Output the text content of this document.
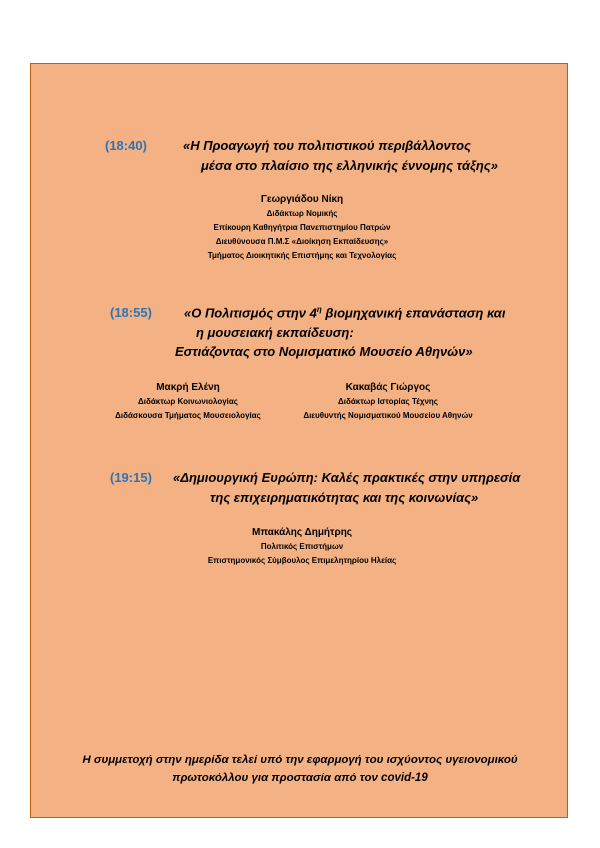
(18:40)	«Η Προαγωγή του πολιτιστικού περιβάλλοντος
μέσα στο πλαίσιο της ελληνικής έννομης τάξης»
Γεωργιάδου Νίκη
Διδάκτωρ Νομικής
Επίκουρη Καθηγήτρια Πανεπιστημίου Πατρών
Διευθύνουσα Π.Μ.Σ «Διοίκηση Εκπαίδευσης»
Τμήματος Διοικητικής Επιστήμης και Τεχνολογίας
(18:55) «Ο Πολιτισμός στην $4^\eta$ βιομηχανική επανάσταση και
η μουσειακή εκπαίδευση:
Εστιάζοντας στο Νομισματικό Μουσείο Αθηνών»
Μακρή Ελένη
Διδάκτωρ Κοινωνιολογίας
Διδάσκουσα Τμήματος Μουσειολογίας
Κακαβάς Γιώργος
Διδάκτωρ Ιστορίας Τέχνης
Διευθυντής Νομισματικού Μουσείου Αθηνών
(19:15) «Δημιουργική Ευρώπη: Καλές πρακτικές στην υπηρεσία
της επιχειρηματικότητας και της κοινωνίας»
Μπακάλης Δημήτρης
Πολιτικός Επιστήμων
Επιστημονικός Σύμβουλος Επιμελητηρίου Ηλείας
Η συμμετοχή στην ημερίδα τελεί υπό την εφαρμογή του ισχύοντος υγειονομικού
πρωτοκόλλου για προστασία από τον covid-19
